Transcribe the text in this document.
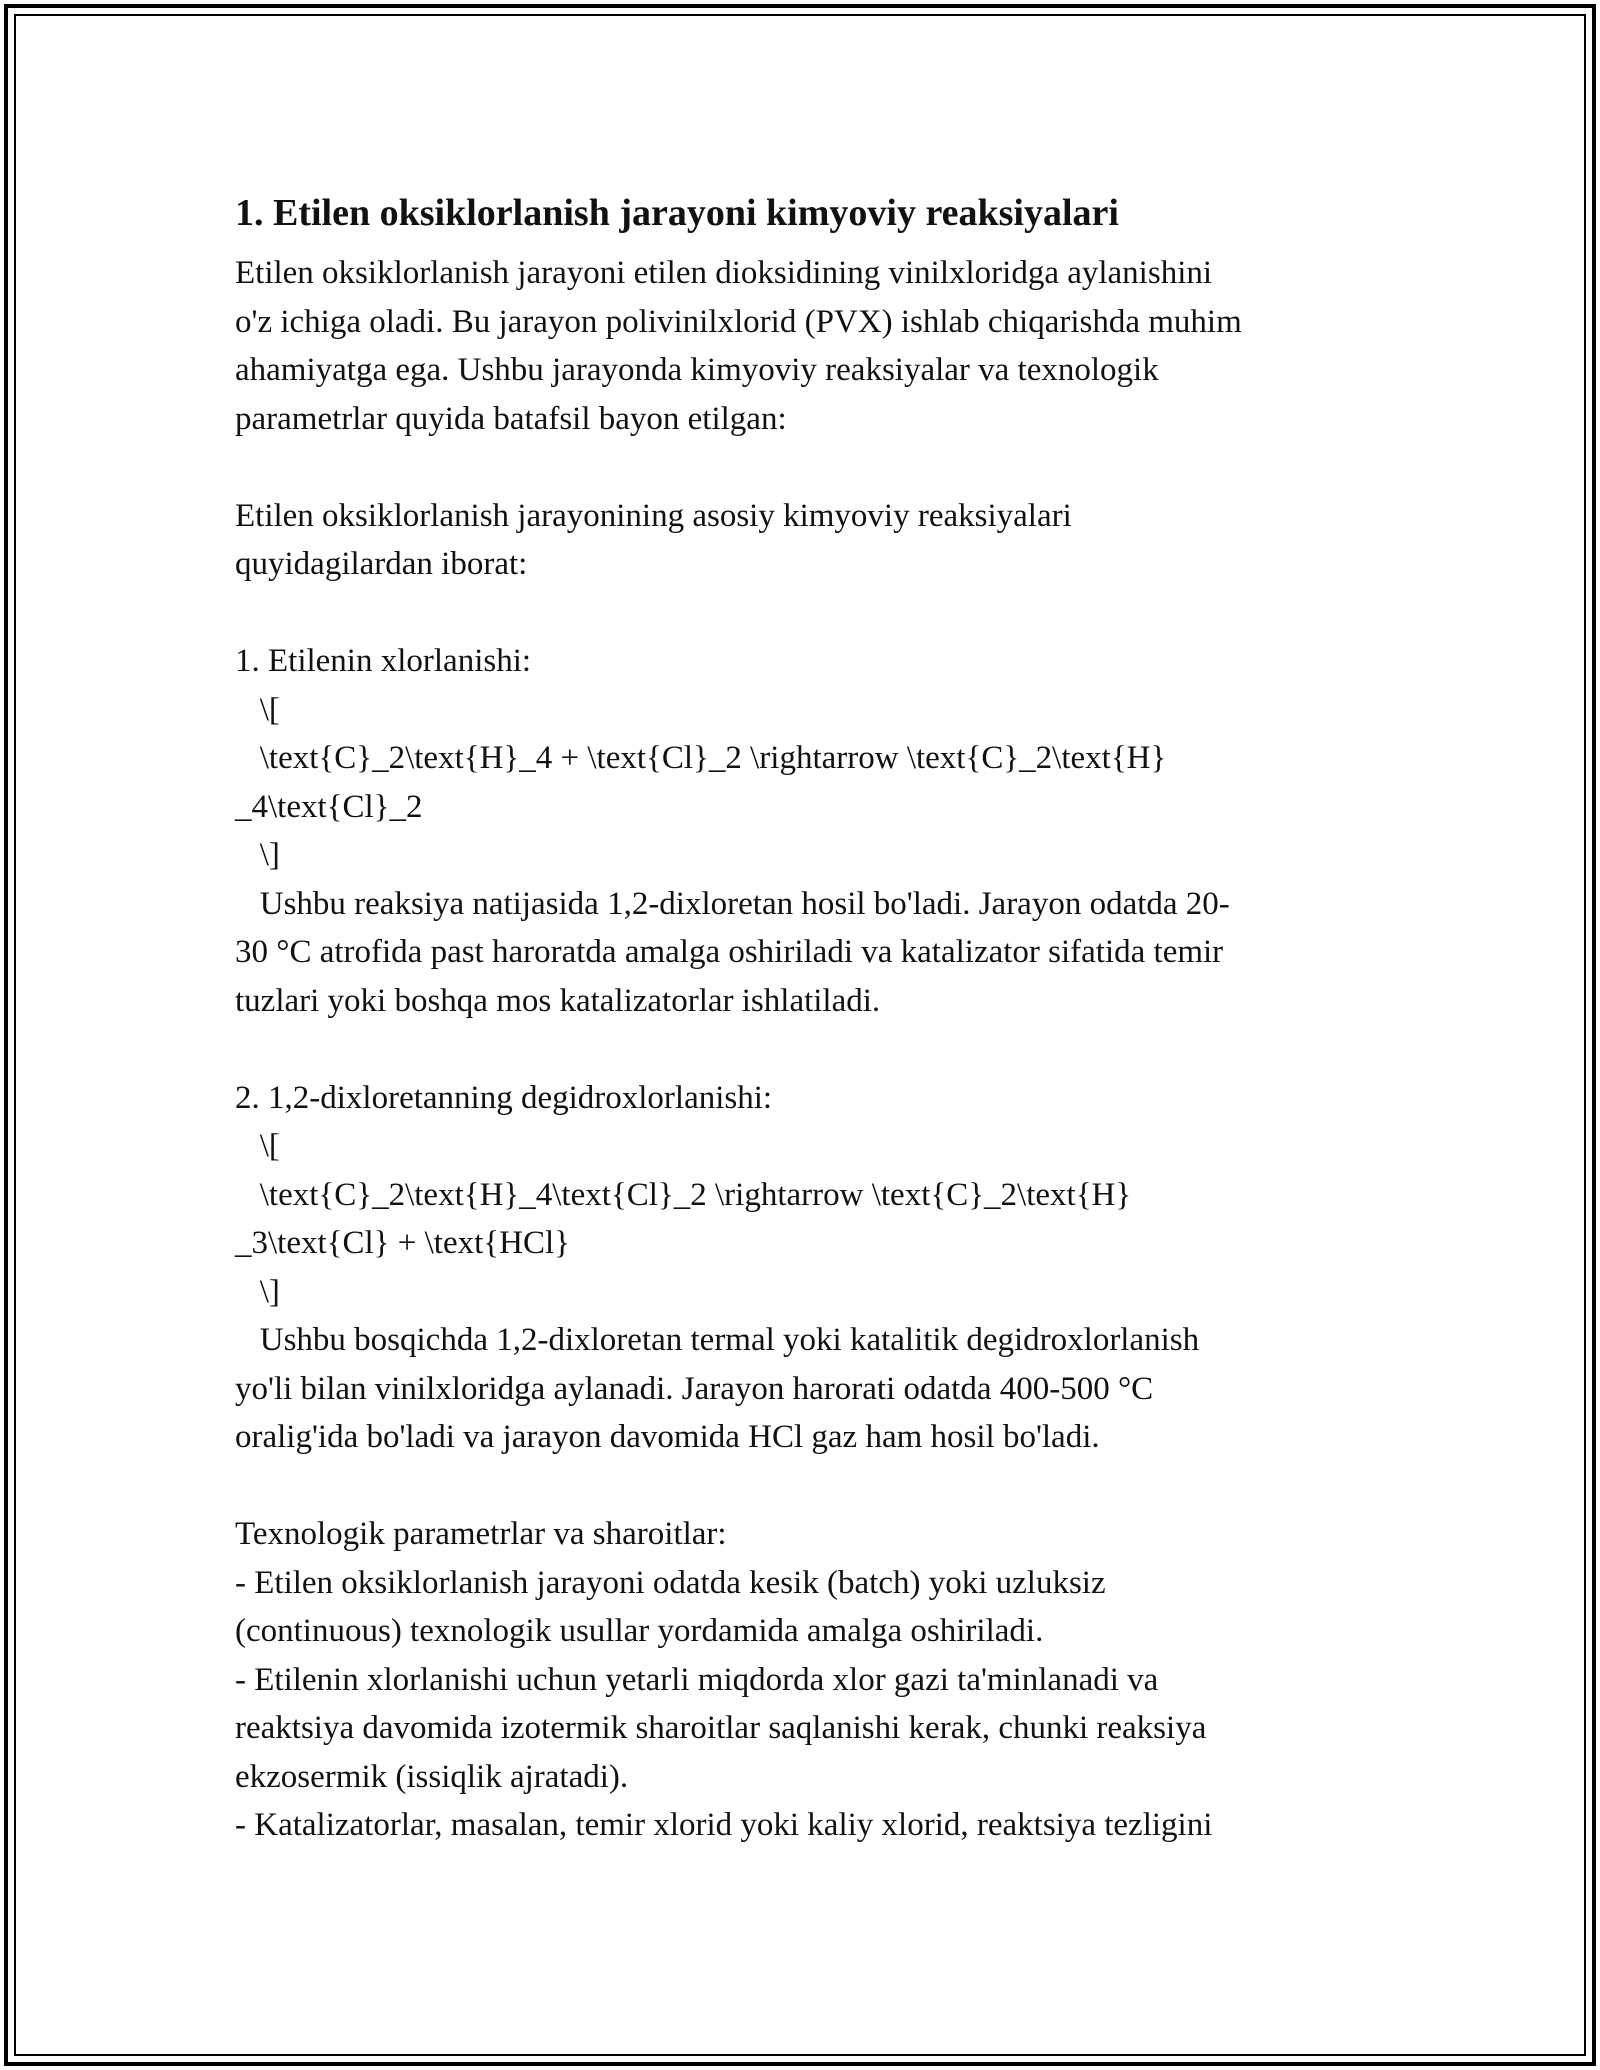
1. Etilen oksiklorlanish jarayoni kimyoviy reaksiyalari
Etilen oksiklorlanish jarayoni etilen dioksidining vinilxloridga aylanishini
o'z ichiga oladi. Bu jarayon polivinilxlorid (PVX) ishlab chiqarishda muhim
ahamiyatga ega. Ushbu jarayonda kimyoviy reaksiyalar va texnologik
parametrlar quyida batafsil bayon etilgan:
Etilen oksiklorlanish jarayonining asosiy kimyoviy reaksiyalari
quyidagilardan iborat:
1. Etilenin xlorlanishi:
\[
\text{C}_2\text{H}_4 + \text{Cl}_2 \rightarrow \text{C}_2\text{H}
_4\text{Cl}_2
\]
Ushbu reaksiya natijasida 1,2-dixloretan hosil bo'ladi. Jarayon odatda 20-
30 °C atrofida past haroratda amalga oshiriladi va katalizator sifatida temir
tuzlari yoki boshqa mos katalizatorlar ishlatiladi.
2. 1,2-dixloretanning degidroxlorlanishi:
\[
\text{C}_2\text{H}_4\text{Cl}_2 \rightarrow \text{C}_2\text{H}
_3\text{Cl} + \text{HCl}
\]
Ushbu bosqichda 1,2-dixloretan termal yoki katalitik degidroxlorlanish
yo'li bilan vinilxloridga aylanadi. Jarayon harorati odatda 400-500 °C
oralig'ida bo'ladi va jarayon davomida HCl gaz ham hosil bo'ladi.
Texnologik parametrlar va sharoitlar:
- Etilen oksiklorlanish jarayoni odatda kesik (batch) yoki uzluksiz
(continuous) texnologik usullar yordamida amalga oshiriladi.
- Etilenin xlorlanishi uchun yetarli miqdorda xlor gazi ta'minlanadi va
reaktsiya davomida izotermik sharoitlar saqlanishi kerak, chunki reaksiya
ekzosermik (issiqlik ajratadi).
- Katalizatorlar, masalan, temir xlorid yoki kaliy xlorid, reaktsiya tezligini
